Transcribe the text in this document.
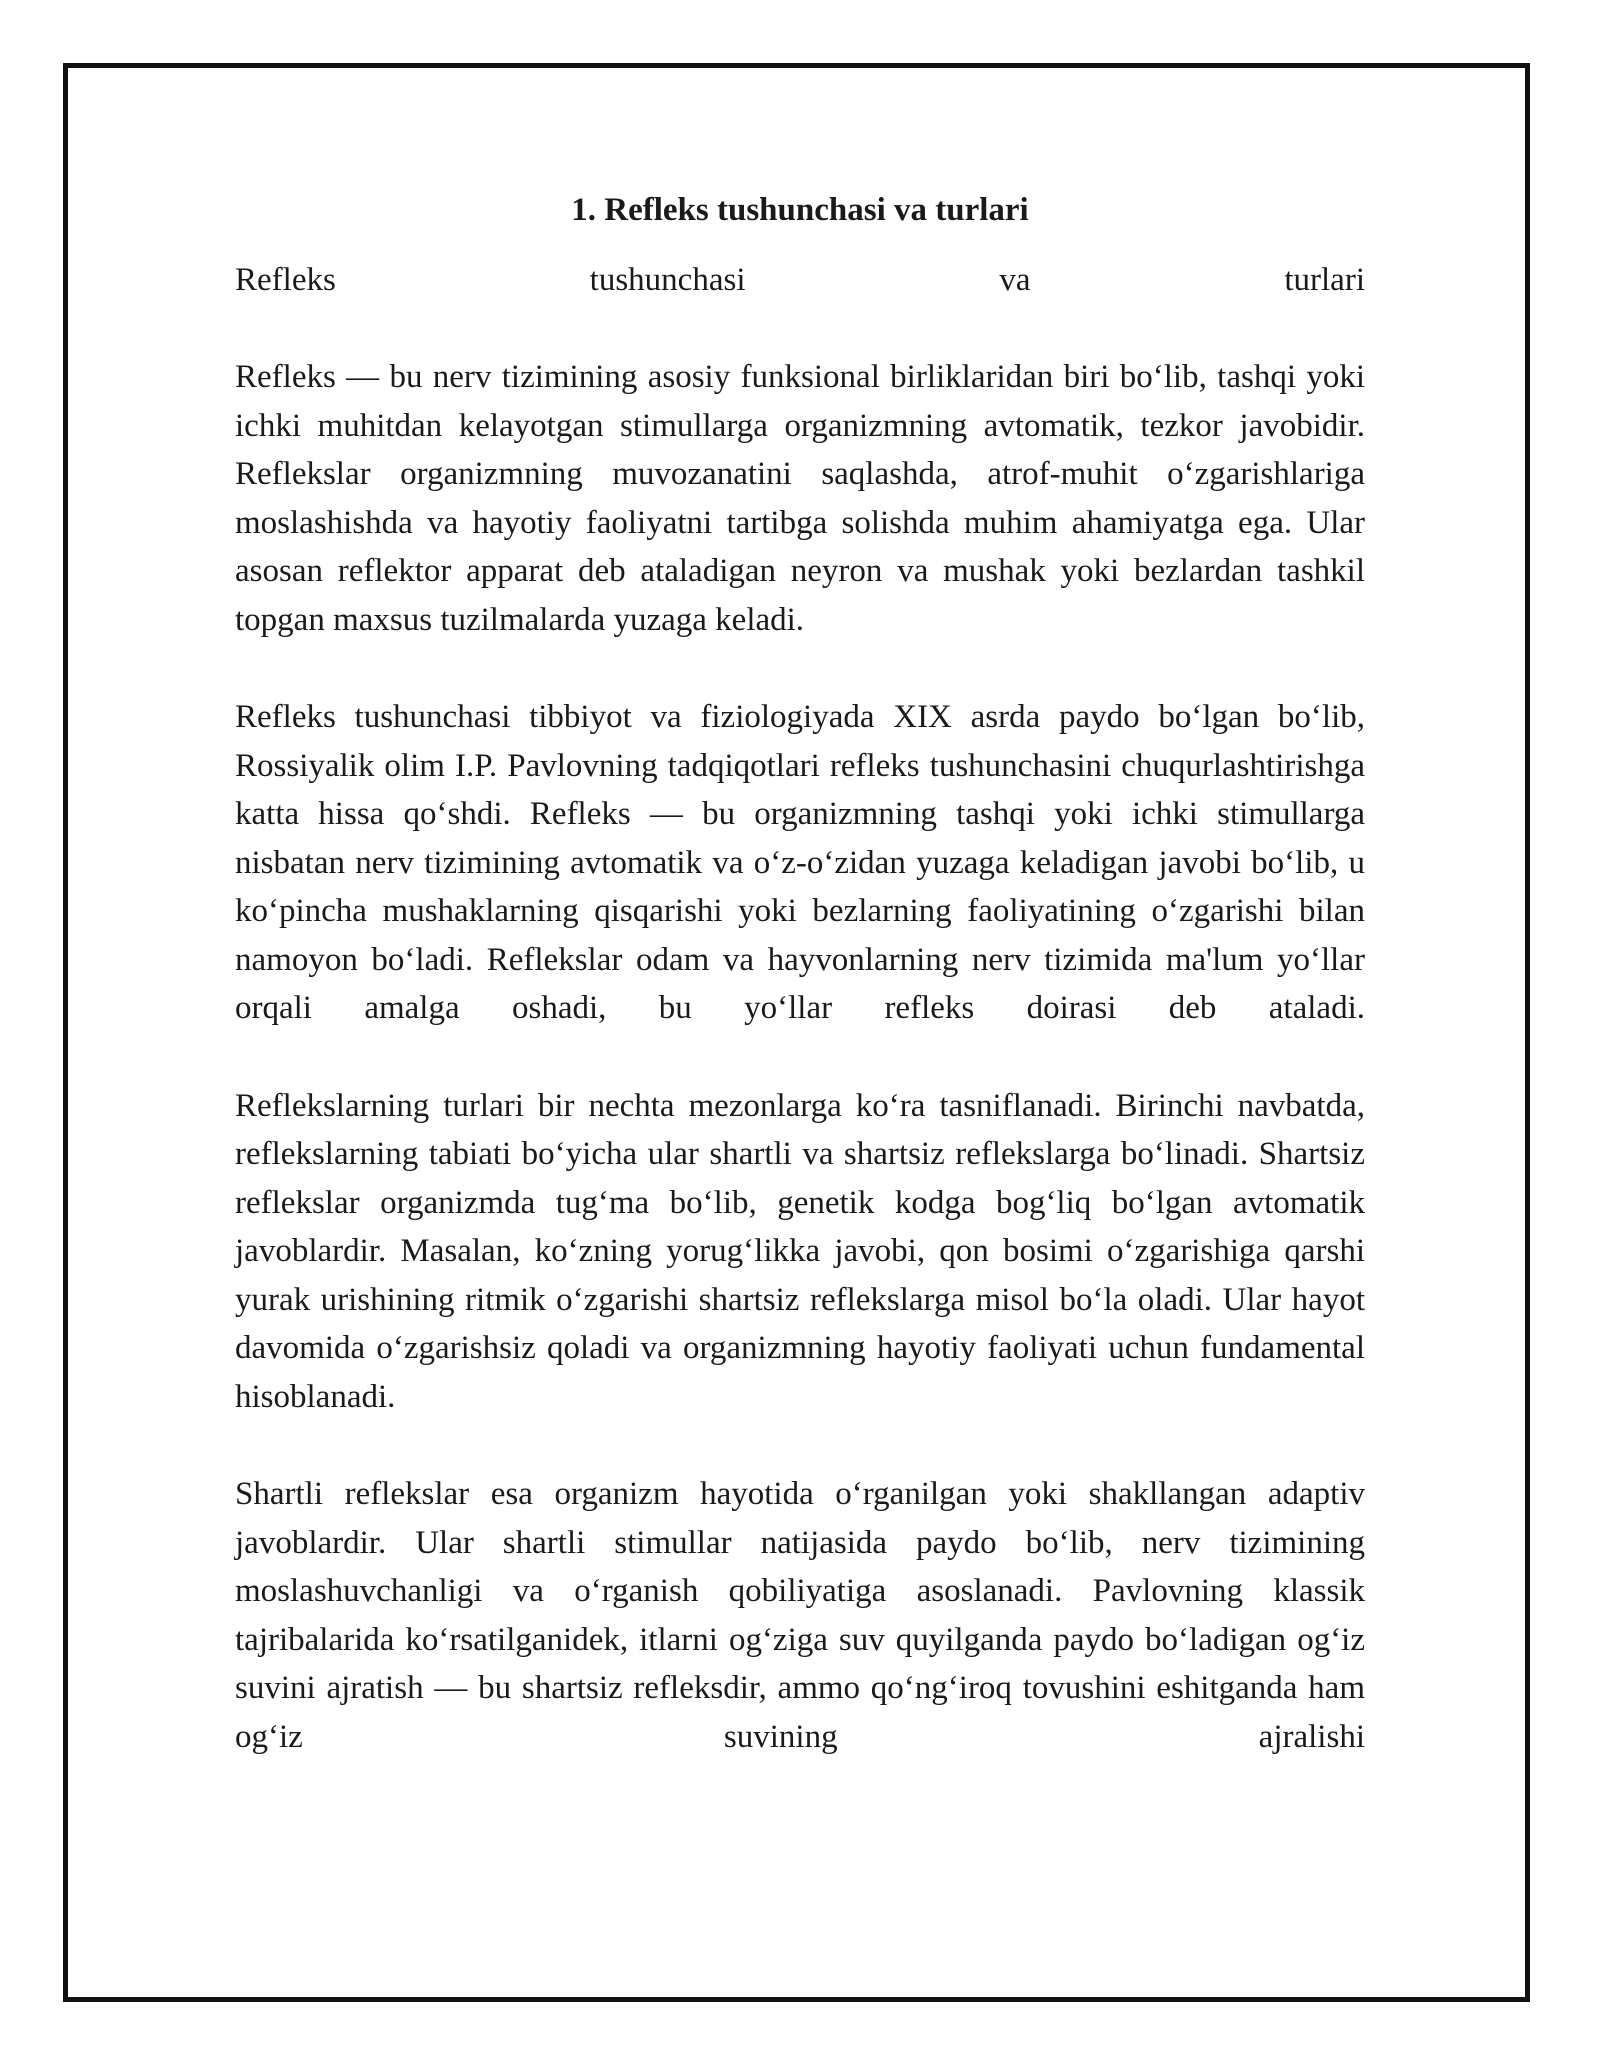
1. Refleks tushunchasi va turlari
Refleks tushunchasi va turlari

Refleks — bu nerv tizimining asosiy funksional birliklaridan biri boʻlib, tashqi yoki ichki muhitdan kelayotgan stimullarga organizmning avtomatik, tezkor javobidir. Reflekslar organizmning muvozanatini saqlashda, atrof-muhit oʻzgarishlariga moslashishda va hayotiy faoliyatni tartibga solishda muhim ahamiyatga ega. Ular asosan reflektor apparat deb ataladigan neyron va mushak yoki bezlardan tashkil topgan maxsus tuzilmalarda yuzaga keladi.

Refleks tushunchasi tibbiyot va fiziologiyada XIX asrda paydo boʻlgan boʻlib, Rossiyalik olim I.P. Pavlovning tadqiqotlari refleks tushunchasini chuqurlashtirishga katta hissa qoʻshdi. Refleks — bu organizmning tashqi yoki ichki stimullarga nisbatan nerv tizimining avtomatik va oʻz-oʻzidan yuzaga keladigan javobi boʻlib, u koʻpincha mushaklarning qisqarishi yoki bezlarning faoliyatining oʻzgarishi bilan namoyon boʻladi. Reflekslar odam va hayvonlarning nerv tizimida ma'lum yoʻllar orqali amalga oshadi, bu yoʻllar refleks doirasi deb ataladi.

Reflekslarning turlari bir nechta mezonlarga koʻra tasniflanadi. Birinchi navbatda, reflekslarning tabiati boʻyicha ular shartli va shartsiz reflekslarga boʻlinadi. Shartsiz reflekslar organizmda tugʻma boʻlib, genetik kodga bogʻliq boʻlgan avtomatik javoblardir. Masalan, koʻzning yorugʻlikka javobi, qon bosimi oʻzgarishiga qarshi yurak urishining ritmik oʻzgarishi shartsiz reflekslarga misol boʻla oladi. Ular hayot davomida oʻzgarishsiz qoladi va organizmning hayotiy faoliyati uchun fundamental hisoblanadi.

Shartli reflekslar esa organizm hayotida oʻrganilgan yoki shakllangan adaptiv javoblardir. Ular shartli stimullar natijasida paydo boʻlib, nerv tizimining moslashuvchanligi va oʻrganish qobiliyatiga asoslanadi. Pavlovning klassik tajribalarida koʻrsatilganidek, itlarni ogʻziga suv quyilganda paydo boʻladigan ogʻiz suvini ajratish — bu shartsiz refleksdir, ammo qoʻngʻiroq tovushini eshitganda ham ogʻiz suvining ajralishi
